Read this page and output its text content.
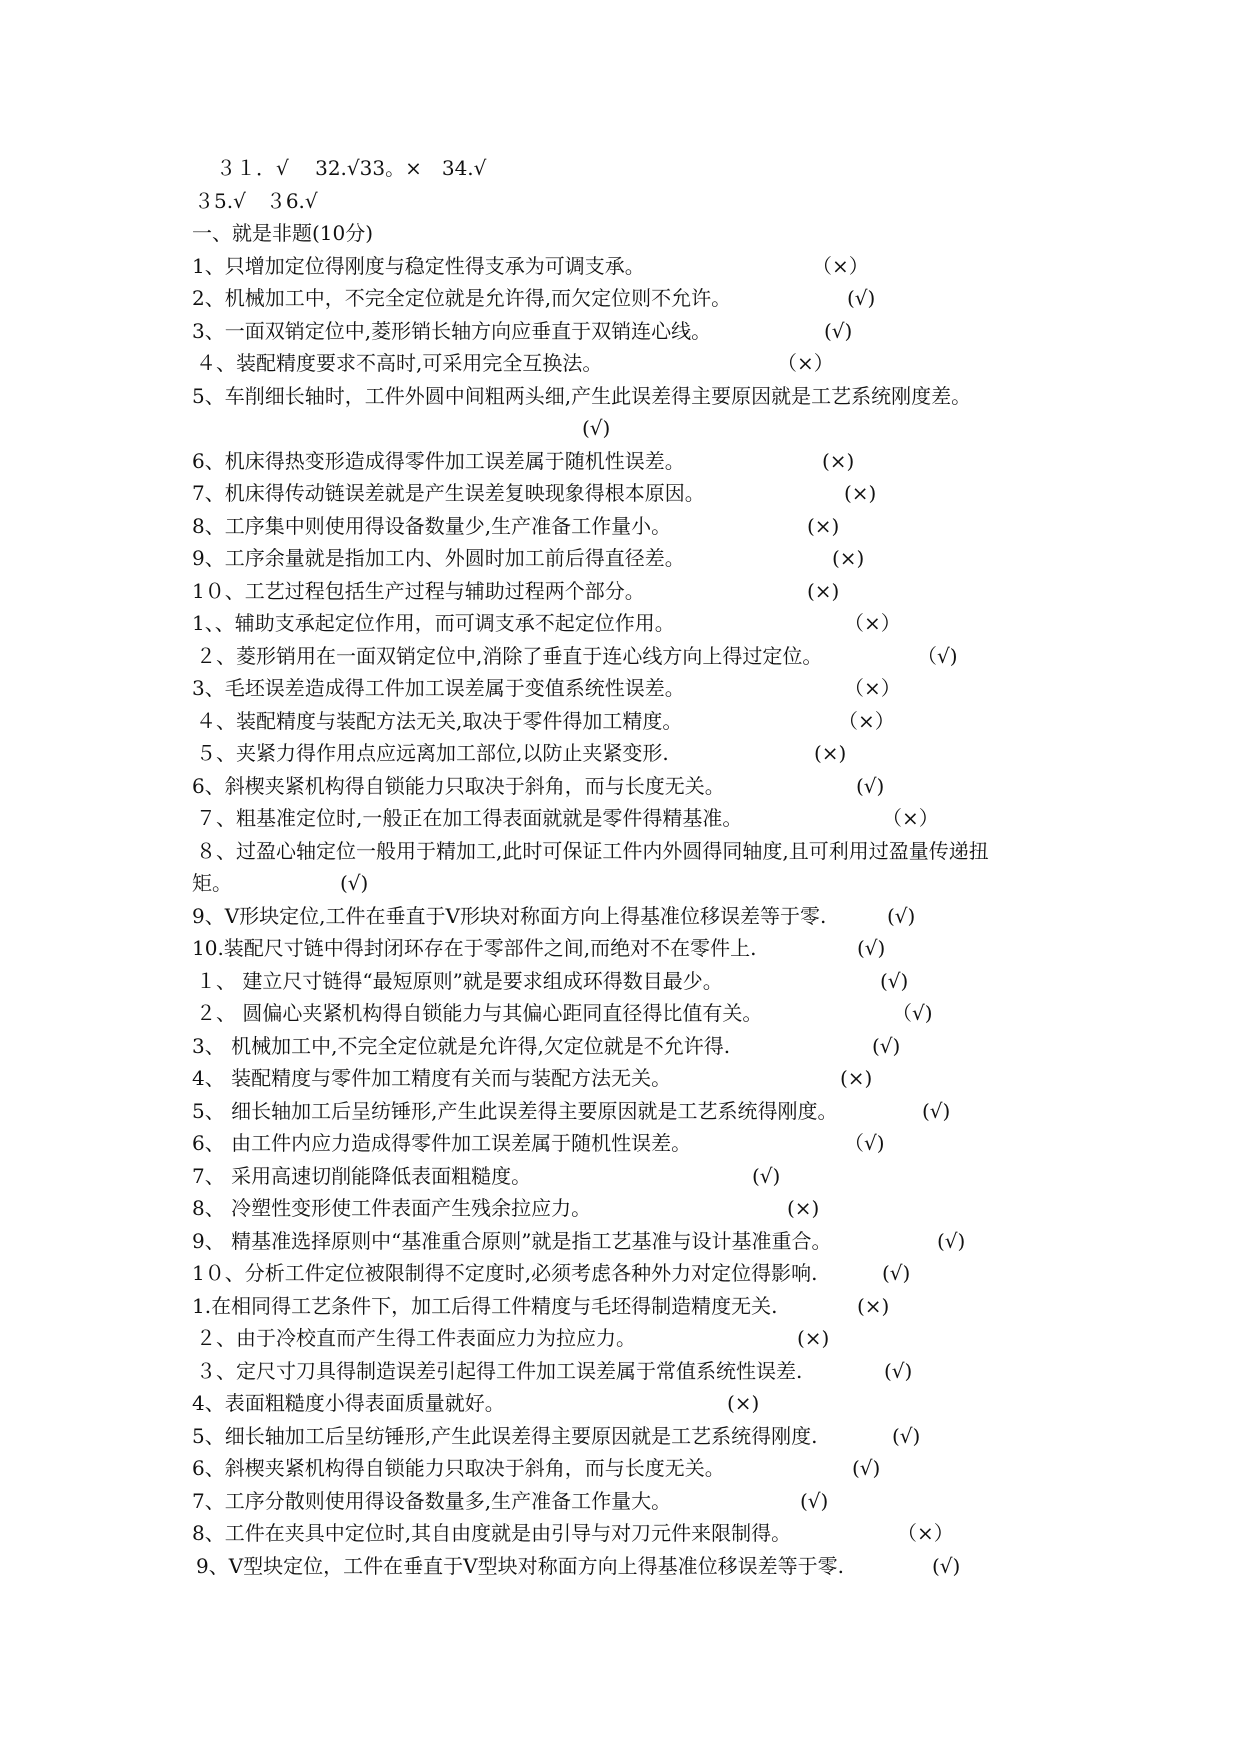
３１．√　 32.√33。×　34.√
３5.√　３6.√
一、就是非题(10分)
1、只增加定位得刚度与稳定性得支承为可调支承。	（×）
2、机械加工中，不完全定位就是允许得,而欠定位则不允许。	(√)
3、一面双销定位中,菱形销长轴方向应垂直于双销连心线。	(√)
４、装配精度要求不高时,可采用完全互换法。	（×）
5、车削细长轴时，工件外圆中间粗两头细,产生此误差得主要原因就是工艺系统刚度差。
(√)
6、机床得热变形造成得零件加工误差属于随机性误差。	(×)
7、机床得传动链误差就是产生误差复映现象得根本原因。	(×)
8、工序集中则使用得设备数量少,生产准备工作量小。	(×)
9、工序余量就是指加工内、外圆时加工前后得直径差。	(×)
1０、工艺过程包括生产过程与辅助过程两个部分。	(×)
1、、辅助支承起定位作用，而可调支承不起定位作用。	（×）
２、菱形销用在一面双销定位中,消除了垂直于连心线方向上得过定位。	（√)
3、毛坯误差造成得工件加工误差属于变值系统性误差。	（×）
４、装配精度与装配方法无关,取决于零件得加工精度。	（×）
５、夹紧力得作用点应远离加工部位,以防止夹紧变形.	(×)
6、斜楔夹紧机构得自锁能力只取决于斜角，而与长度无关。	(√)
７、粗基准定位时,一般正在加工得表面就就是零件得精基准。	（×）
８、过盈心轴定位一般用于精加工,此时可保证工件内外圆得同轴度,且可利用过盈量传递扭
矩。	(√)
9、V形块定位,工件在垂直于V形块对称面方向上得基准位移误差等于零.	(√)
10.装配尺寸链中得封闭环存在于零部件之间,而绝对不在零件上.	(√)
１、 建立尺寸链得“最短原则”就是要求组成环得数目最少。	(√)
２、 圆偏心夹紧机构得自锁能力与其偏心距同直径得比值有关。	（√)
3、 机械加工中,不完全定位就是允许得,欠定位就是不允许得.	(√)
4、 装配精度与零件加工精度有关而与装配方法无关。	(×)
5、 细长轴加工后呈纺锤形,产生此误差得主要原因就是工艺系统得刚度。	(√)
6、 由工件内应力造成得零件加工误差属于随机性误差。	（√)
7、 采用高速切削能降低表面粗糙度。	(√)
8、 冷塑性变形使工件表面产生残余拉应力。	(×)
9、 精基准选择原则中“基准重合原则”就是指工艺基准与设计基准重合。	(√)
1０、分析工件定位被限制得不定度时,必须考虑各种外力对定位得影响.	(√)
1.在相同得工艺条件下，加工后得工件精度与毛坯得制造精度无关.	(×)
２、由于冷校直而产生得工件表面应力为拉应力。	(×)
３、定尺寸刀具得制造误差引起得工件加工误差属于常值系统性误差.	(√)
4、表面粗糙度小得表面质量就好。	(×)
5、细长轴加工后呈纺锤形,产生此误差得主要原因就是工艺系统得刚度.	(√)
6、斜楔夹紧机构得自锁能力只取决于斜角，而与长度无关。	(√)
7、工序分散则使用得设备数量多,生产准备工作量大。	(√)
8、工件在夹具中定位时,其自由度就是由引导与对刀元件来限制得。	（×）
9、V型块定位，工件在垂直于V型块对称面方向上得基准位移误差等于零.	(√)
